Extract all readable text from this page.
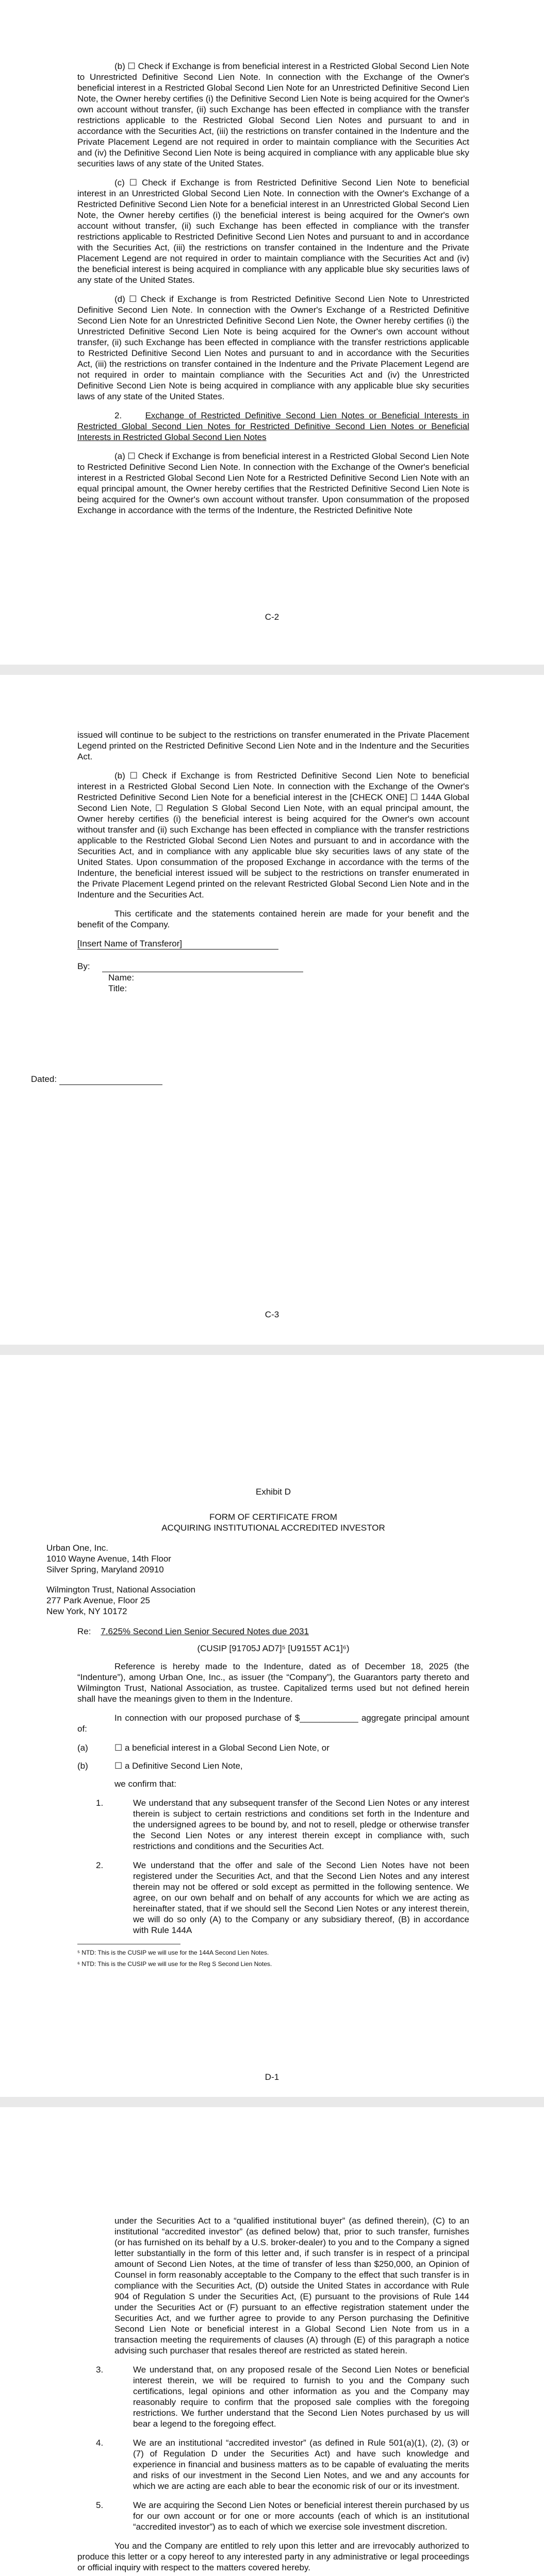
(b) ☐ Check if Exchange is from beneficial interest in a Restricted Global Second Lien Note to Unrestricted Definitive Second Lien Note. In connection with the Exchange of the Owner's beneficial interest in a Restricted Global Second Lien Note for an Unrestricted Definitive Second Lien Note, the Owner hereby certifies (i) the Definitive Second Lien Note is being acquired for the Owner's own account without transfer, (ii) such Exchange has been effected in compliance with the transfer restrictions applicable to the Restricted Global Second Lien Notes and pursuant to and in accordance with the Securities Act, (iii) the restrictions on transfer contained in the Indenture and the Private Placement Legend are not required in order to maintain compliance with the Securities Act and (iv) the Definitive Second Lien Note is being acquired in compliance with any applicable blue sky securities laws of any state of the United States.

(c) ☐ Check if Exchange is from Restricted Definitive Second Lien Note to beneficial interest in an Unrestricted Global Second Lien Note. In connection with the Owner's Exchange of a Restricted Definitive Second Lien Note for a beneficial interest in an Unrestricted Global Second Lien Note, the Owner hereby certifies (i) the beneficial interest is being acquired for the Owner's own account without transfer, (ii) such Exchange has been effected in compliance with the transfer restrictions applicable to Restricted Definitive Second Lien Notes and pursuant to and in accordance with the Securities Act, (iii) the restrictions on transfer contained in the Indenture and the Private Placement Legend are not required in order to maintain compliance with the Securities Act and (iv) the beneficial interest is being acquired in compliance with any applicable blue sky securities laws of any state of the United States.

(d) ☐ Check if Exchange is from Restricted Definitive Second Lien Note to Unrestricted Definitive Second Lien Note. In connection with the Owner's Exchange of a Restricted Definitive Second Lien Note for an Unrestricted Definitive Second Lien Note, the Owner hereby certifies (i) the Unrestricted Definitive Second Lien Note is being acquired for the Owner's own account without transfer, (ii) such Exchange has been effected in compliance with the transfer restrictions applicable to Restricted Definitive Second Lien Notes and pursuant to and in accordance with the Securities Act, (iii) the restrictions on transfer contained in the Indenture and the Private Placement Legend are not required in order to maintain compliance with the Securities Act and (iv) the Unrestricted Definitive Second Lien Note is being acquired in compliance with any applicable blue sky securities laws of any state of the United States.

2.	Exchange of Restricted Definitive Second Lien Notes or Beneficial Interests in Restricted Global Second Lien Notes for Restricted Definitive Second Lien Notes or Beneficial Interests in Restricted Global Second Lien Notes

(a) ☐ Check if Exchange is from beneficial interest in a Restricted Global Second Lien Note to Restricted Definitive Second Lien Note. In connection with the Exchange of the Owner's beneficial interest in a Restricted Global Second Lien Note for a Restricted Definitive Second Lien Note with an equal principal amount, the Owner hereby certifies that the Restricted Definitive Second Lien Note is being acquired for the Owner's own account without transfer. Upon consummation of the proposed Exchange in accordance with the terms of the Indenture, the Restricted Definitive Note

C-2

issued will continue to be subject to the restrictions on transfer enumerated in the Private Placement Legend printed on the Restricted Definitive Second Lien Note and in the Indenture and the Securities Act.

(b) ☐ Check if Exchange is from Restricted Definitive Second Lien Note to beneficial interest in a Restricted Global Second Lien Note. In connection with the Exchange of the Owner's Restricted Definitive Second Lien Note for a beneficial interest in the [CHECK ONE] ☐ 144A Global Second Lien Note, ☐ Regulation S Global Second Lien Note, with an equal principal amount, the Owner hereby certifies (i) the beneficial interest is being acquired for the Owner's own account without transfer and (ii) such Exchange has been effected in compliance with the transfer restrictions applicable to the Restricted Global Second Lien Notes and pursuant to and in accordance with the Securities Act, and in compliance with any applicable blue sky securities laws of any state of the United States. Upon consummation of the proposed Exchange in accordance with the terms of the Indenture, the beneficial interest issued will be subject to the restrictions on transfer enumerated in the Private Placement Legend printed on the relevant Restricted Global Second Lien Note and in the Indenture and the Securities Act.

This certificate and the statements contained herein are made for your benefit and the benefit of the Company.

[Insert Name of Transferor]
By:
Name:
Title:
Dated:
C-3
Exhibit D
FORM OF CERTIFICATE FROM
ACQUIRING INSTITUTIONAL ACCREDITED INVESTOR
Urban One, Inc.
1010 Wayne Avenue, 14th Floor
Silver Spring, Maryland 20910
Wilmington Trust, National Association
277 Park Avenue, Floor 25
New York, NY 10172
Re: 7.625% Second Lien Senior Secured Notes due 2031
(CUSIP [91705J AD7]⁵ [U9155T AC1]⁶)

Reference is hereby made to the Indenture, dated as of December 18, 2025 (the “Indenture”), among Urban One, Inc., as issuer (the “Company”), the Guarantors party thereto and Wilmington Trust, National Association, as trustee. Capitalized terms used but not defined herein shall have the meanings given to them in the Indenture.

In connection with our proposed purchase of $____________ aggregate principal amount of:

(a)	☐ a beneficial interest in a Global Second Lien Note, or
(b)	☐ a Definitive Second Lien Note,

we confirm that:

1.	We understand that any subsequent transfer of the Second Lien Notes or any interest therein is subject to certain restrictions and conditions set forth in the Indenture and the undersigned agrees to be bound by, and not to resell, pledge or otherwise transfer the Second Lien Notes or any interest therein except in compliance with, such restrictions and conditions and the Securities Act.
2.	We understand that the offer and sale of the Second Lien Notes have not been registered under the Securities Act, and that the Second Lien Notes and any interest therein may not be offered or sold except as permitted in the following sentence. We agree, on our own behalf and on behalf of any accounts for which we are acting as hereinafter stated, that if we should sell the Second Lien Notes or any interest therein, we will do so only (A) to the Company or any subsidiary thereof, (B) in accordance with Rule 144A

⁵ NTD: This is the CUSIP we will use for the 144A Second Lien Notes.

⁶ NTD: This is the CUSIP we will use for the Reg S Second Lien Notes.

D-1
under the Securities Act to a “qualified institutional buyer” (as defined therein), (C) to an institutional “accredited investor” (as defined below) that, prior to such transfer, furnishes (or has furnished on its behalf by a U.S. broker-dealer) to you and to the Company a signed letter substantially in the form of this letter and, if such transfer is in respect of a principal amount of Second Lien Notes, at the time of transfer of less than $250,000, an Opinion of Counsel in form reasonably acceptable to the Company to the effect that such transfer is in compliance with the Securities Act, (D) outside the United States in accordance with Rule 904 of Regulation S under the Securities Act, (E) pursuant to the provisions of Rule 144 under the Securities Act or (F) pursuant to an effective registration statement under the Securities Act, and we further agree to provide to any Person purchasing the Definitive Second Lien Note or beneficial interest in a Global Second Lien Note from us in a transaction meeting the requirements of clauses (A) through (E) of this paragraph a notice advising such purchaser that resales thereof are restricted as stated herein.
3.	We understand that, on any proposed resale of the Second Lien Notes or beneficial interest therein, we will be required to furnish to you and the Company such certifications, legal opinions and other information as you and the Company may reasonably require to confirm that the proposed sale complies with the foregoing restrictions. We further understand that the Second Lien Notes purchased by us will bear a legend to the foregoing effect.
4.	We are an institutional “accredited investor” (as defined in Rule 501(a)(1), (2), (3) or (7) of Regulation D under the Securities Act) and have such knowledge and experience in financial and business matters as to be capable of evaluating the merits and risks of our investment in the Second Lien Notes, and we and any accounts for which we are acting are each able to bear the economic risk of our or its investment.
5.	We are acquiring the Second Lien Notes or beneficial interest therein purchased by us for our own account or for one or more accounts (each of which is an institutional “accredited investor”) as to each of which we exercise sole investment discretion.

You and the Company are entitled to rely upon this letter and are irrevocably authorized to produce this letter or a copy hereof to any interested party in any administrative or legal proceedings or official inquiry with respect to the matters covered hereby.
